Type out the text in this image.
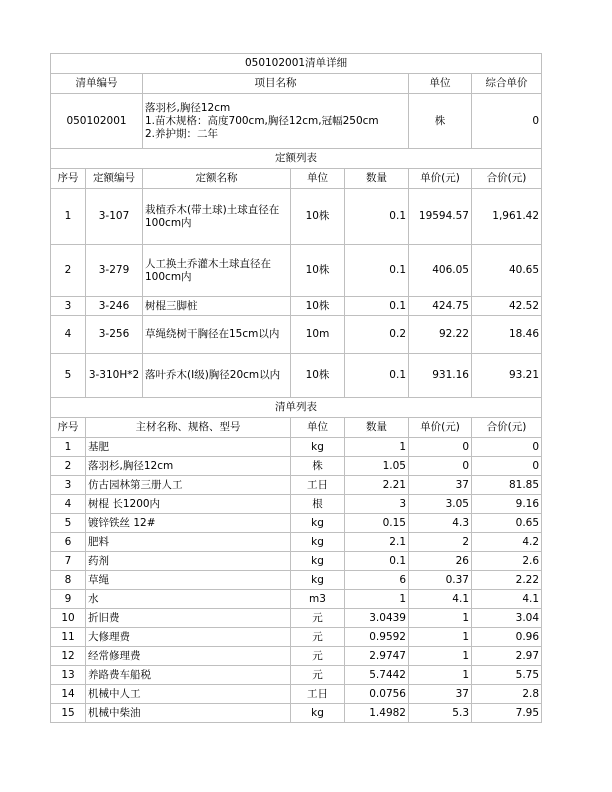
050102001清单详细						
清单编号		项目名称			单位	综合单价
050102001		落羽杉,胸径12cm
1.苗木规格：高度700cm,胸径12cm,冠幅250cm
2.养护期：二年			株	0
定额列表						
序号	定额编号	定额名称	单位	数量	单价(元)	合价(元)
1	3-107	栽植乔木(带土球)土球直径在100cm内	10株	0.1	19594.57	1,961.42
2	3-279	人工换土乔灌木土球直径在100cm内	10株	0.1	406.05	40.65
3	3-246	树棍三脚桩	10株	0.1	424.75	42.52
4	3-256	草绳绕树干胸径在15cm以内	10m	0.2	92.22	18.46
5	3-310H*2	落叶乔木(I级)胸径20cm以内	10株	0.1	931.16	93.21
清单列表						
序号	主材名称、规格、型号		单位	数量	单价(元)	合价(元)
1	基肥		kg	1	0	0
2	落羽杉,胸径12cm		株	1.05	0	0
3	仿古园林第三册人工		工日	2.21	37	81.85
4	树棍 长1200内		根	3	3.05	9.16
5	镀锌铁丝 12#		kg	0.15	4.3	0.65
6	肥料		kg	2.1	2	4.2
7	药剂		kg	0.1	26	2.6
8	草绳		kg	6	0.37	2.22
9	水		m3	1	4.1	4.1
10	折旧费		元	3.0439	1	3.04
11	大修理费		元	0.9592	1	0.96
12	经常修理费		元	2.9747	1	2.97
13	养路费车船税		元	5.7442	1	5.75
14	机械中人工		工日	0.0756	37	2.8
15	机械中柴油		kg	1.4982	5.3	7.95
